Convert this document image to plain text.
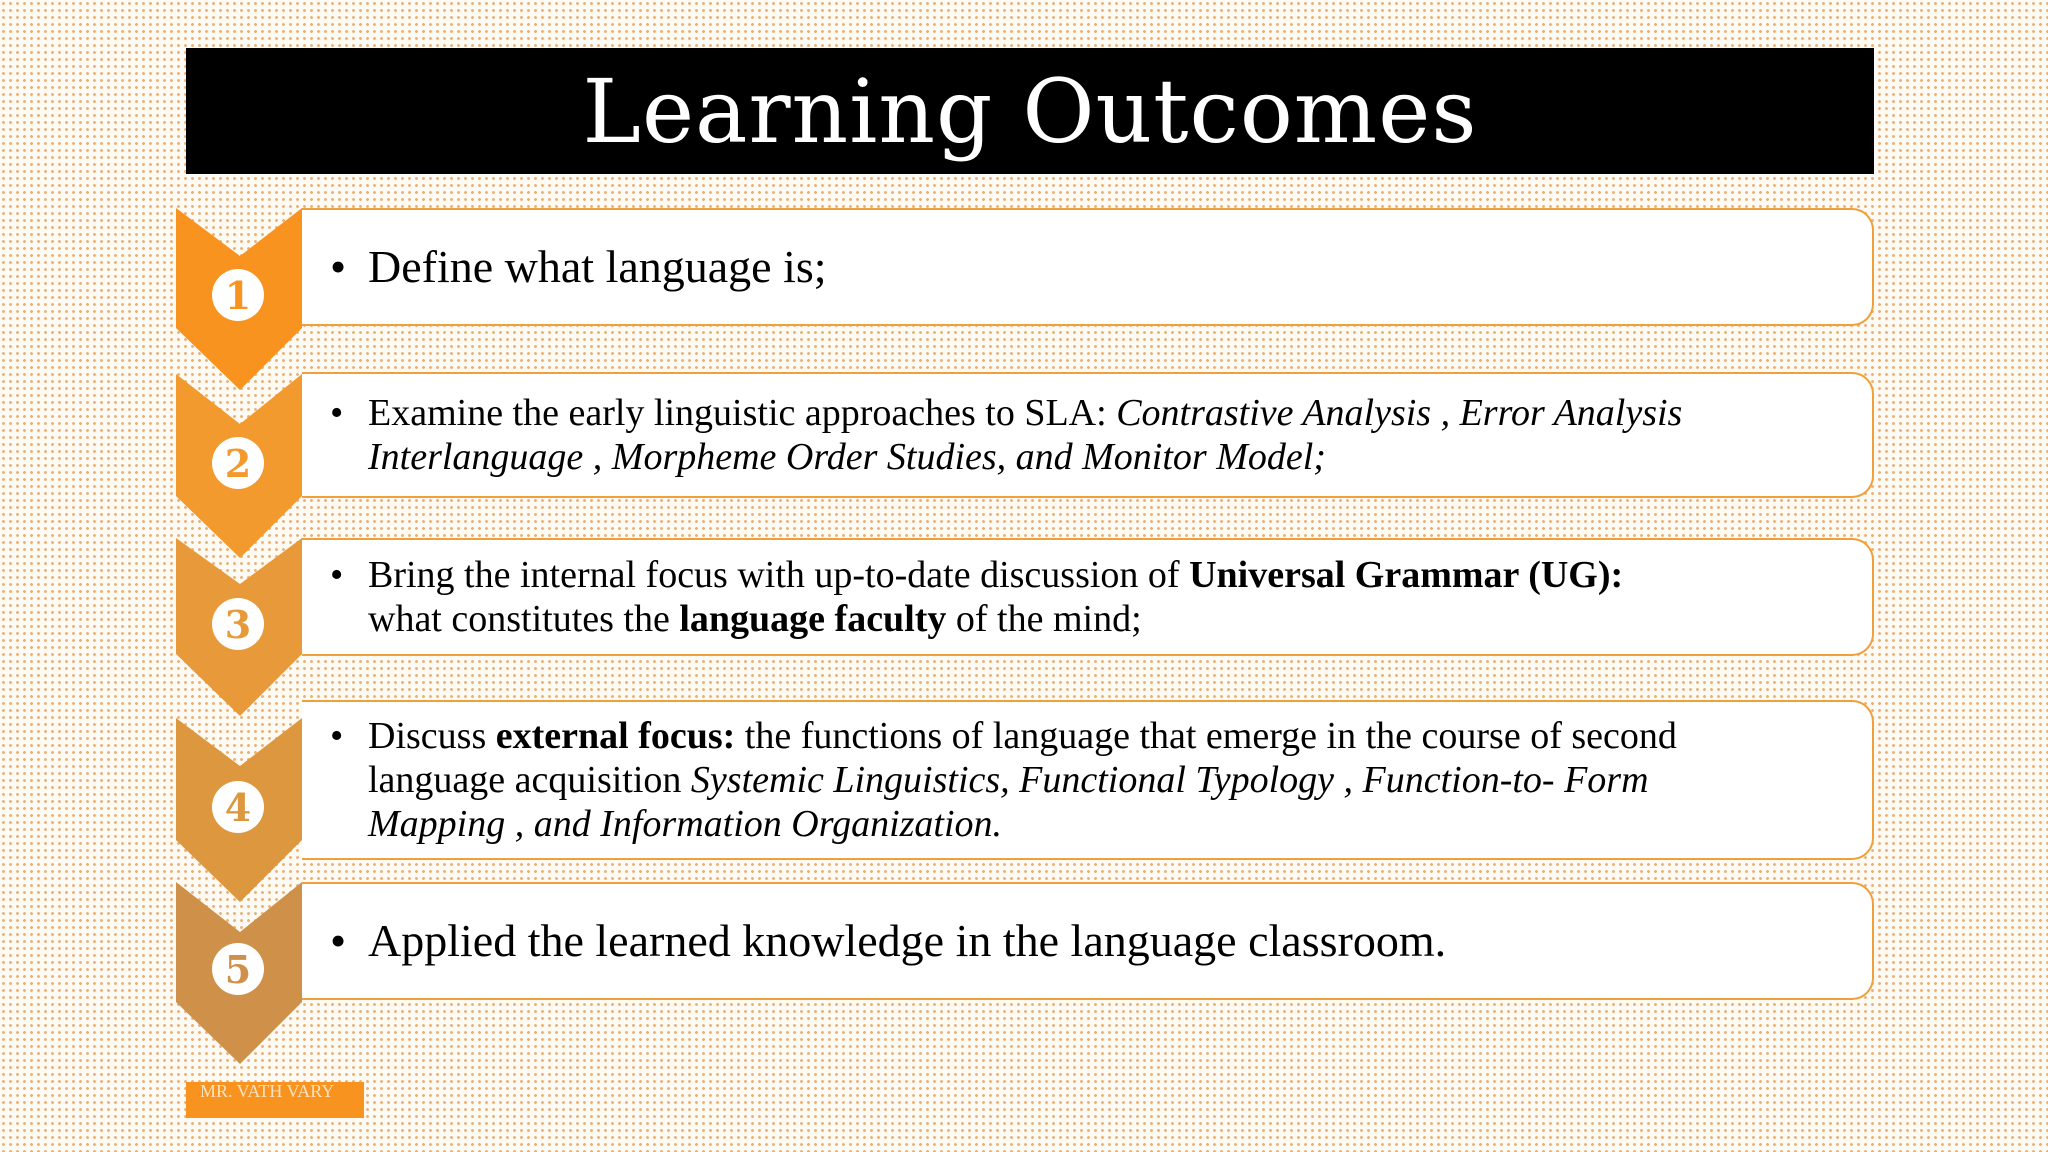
Learning Outcomes
1
2
3
4
5
• Define what language is;
• Examine the early linguistic approaches to SLA: Contrastive Analysis , Error Analysis
Interlanguage , Morpheme Order Studies, and Monitor Model;
• Bring the internal focus with up-to-date discussion of Universal Grammar (UG):
what constitutes the language faculty of the mind;
• Discuss external focus: the functions of language that emerge in the course of second
language acquisition Systemic Linguistics, Functional Typology , Function-to- Form
Mapping , and Information Organization.
• Applied the learned knowledge in the language classroom.
MR. VATH VARY
